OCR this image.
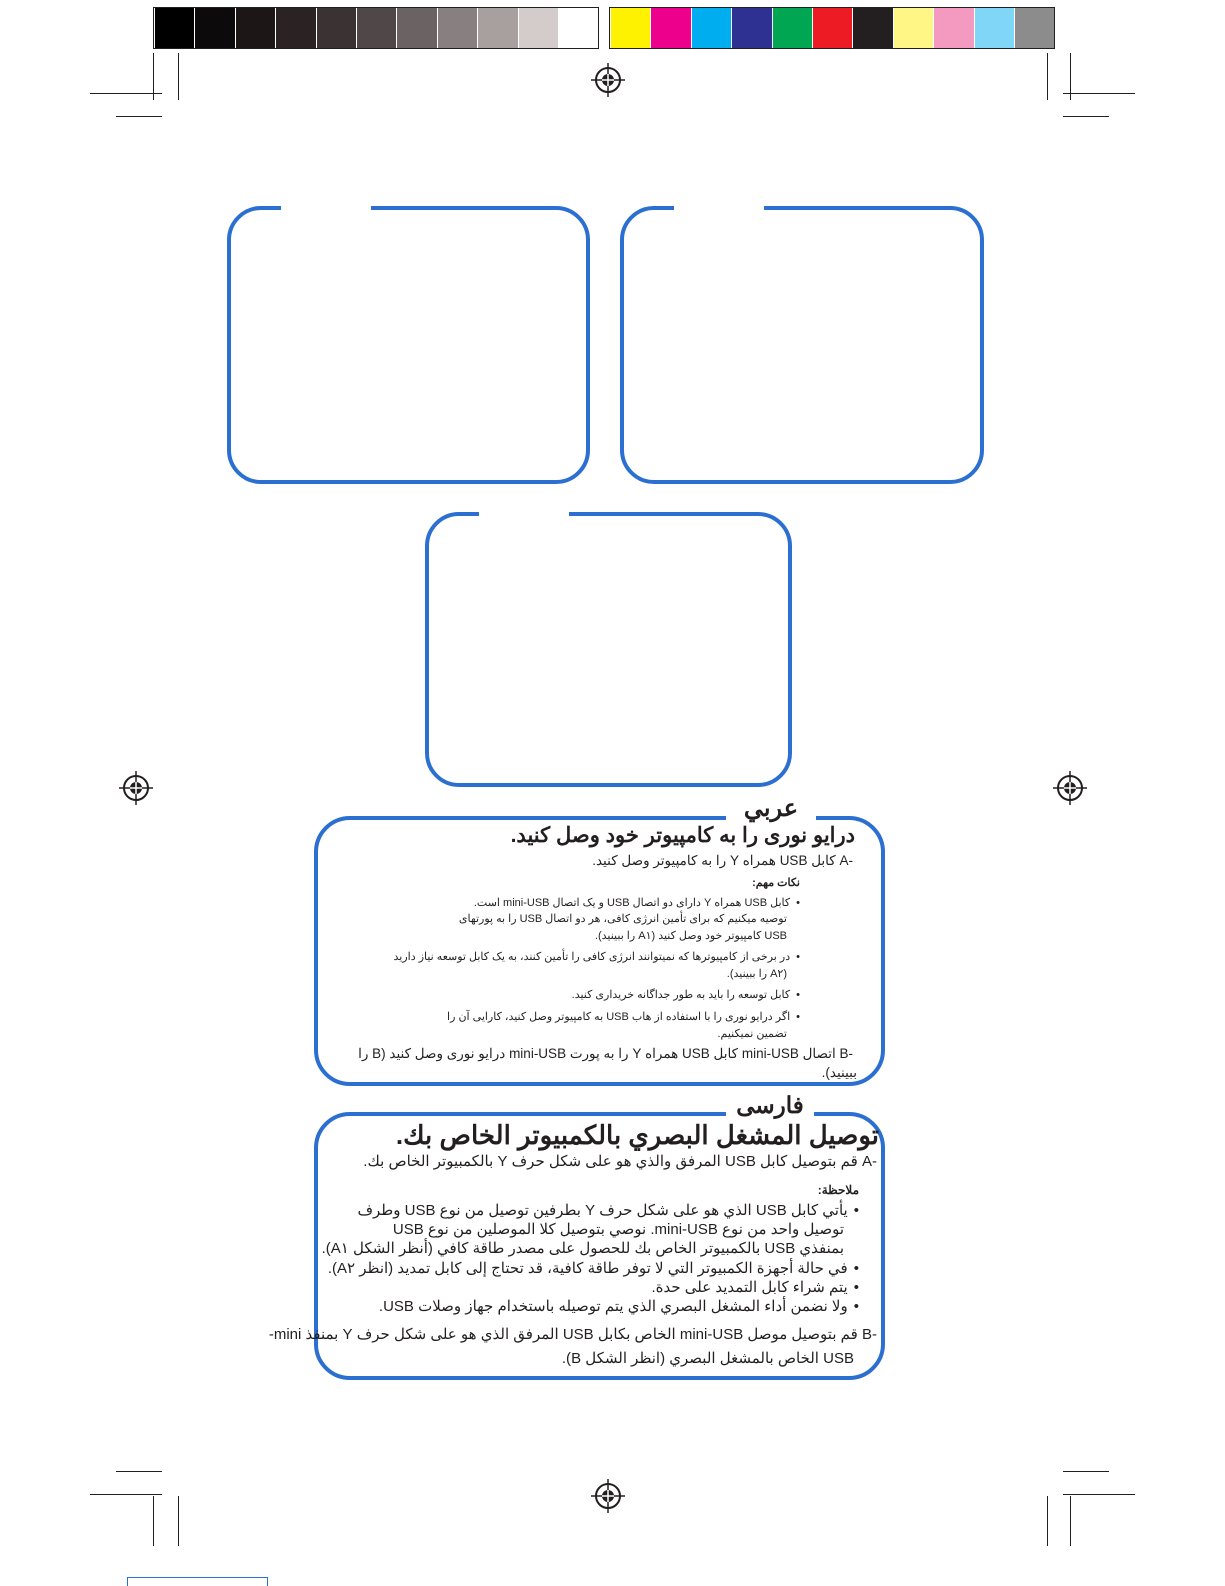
عربي
درایو نوری را به کامپیوتر خود وصل کنید.
-A کابل USB همراه Y را به کامپیوتر وصل کنید.
نکات مهم:
• کابل USB همراه Y دارای دو اتصال USB و یک اتصال mini-USB است.
توصیه میکنیم که برای تأمین انرژی کافی، هر دو اتصال USB را به پورتهای
USB کامپیوتر خود وصل کنید (A۱ را ببینید).
• در برخی از کامپیوترها که نمیتوانند انرژی کافی را تأمین کنند، به یک کابل توسعه نیاز دارید
(A۲ را ببینید).
• کابل توسعه را باید به طور جداگانه خریداری کنید.
• اگر درایو نوری را با استفاده از هاب USB به کامپیوتر وصل کنید، کارایی آن را
تضمین نمیکنیم.
-B اتصال mini-USB کابل USB همراه Y را به پورت mini-USB درایو نوری وصل کنید (B را
ببینید).
فارسی
توصيل المشغل البصري بالكمبيوتر الخاص بك.
-A قم بتوصيل كابل USB المرفق والذي هو على شكل حرف Y بالكمبيوتر الخاص بك.
ملاحظة:
• يأتي كابل USB الذي هو على شكل حرف Y بطرفين توصيل من نوع USB وطرف
توصيل واحد من نوع mini-USB. نوصي بتوصيل كلا الموصلين من نوع USB
بمنفذي USB بالكمبيوتر الخاص بك للحصول على مصدر طاقة كافي (أنظر الشكل A۱).
• في حالة أجهزة الكمبيوتر التي لا توفر طاقة كافية، قد تحتاج إلى كابل تمديد (انظر A۲).
• يتم شراء كابل التمديد على حدة.
• ولا نضمن أداء المشغل البصري الذي يتم توصيله باستخدام جهاز وصلات USB.
-B قم بتوصيل موصل mini-USB الخاص بكابل USB المرفق الذي هو على شكل حرف Y بمنفذ mini-
USB الخاص بالمشغل البصري (انظر الشكل B).
